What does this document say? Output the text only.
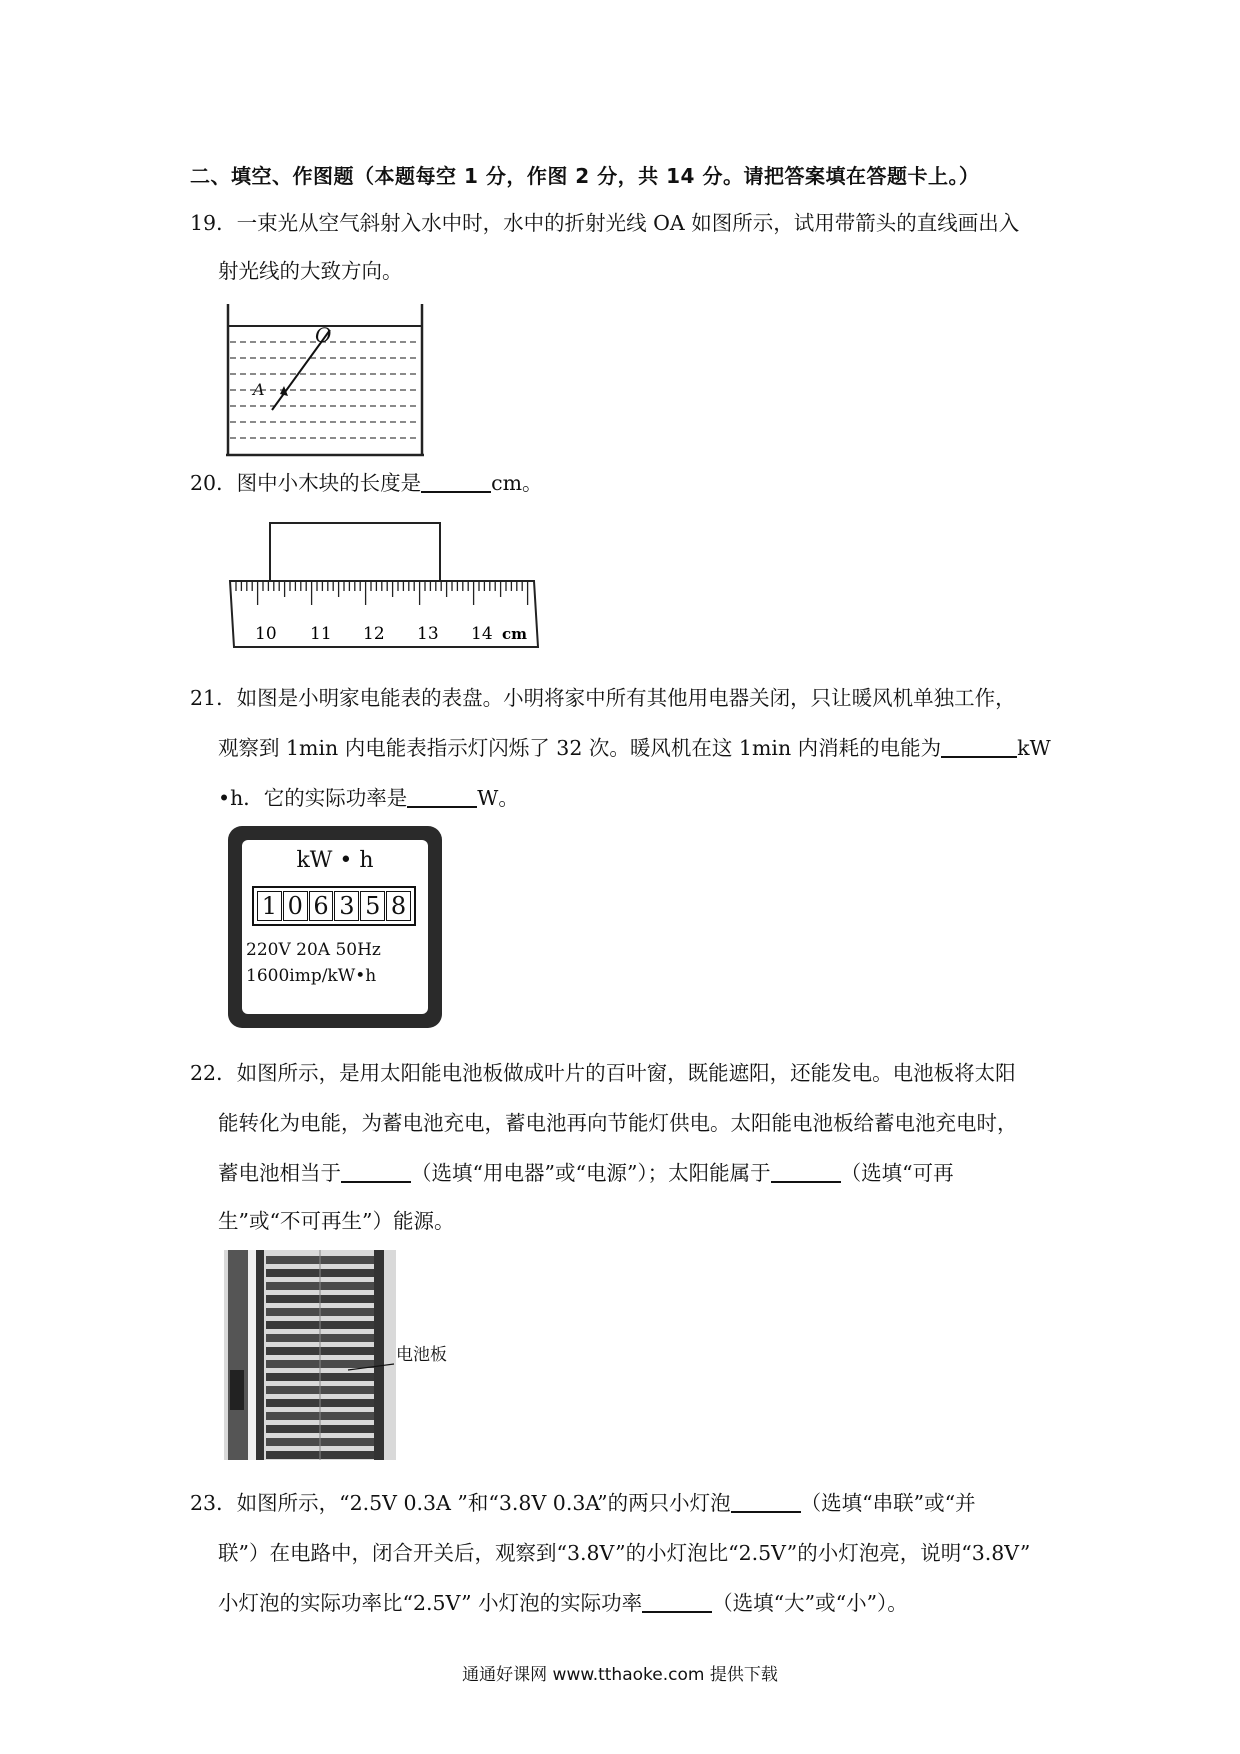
二、填空、作图题（本题每空 1 分，作图 2 分，共 14 分。请把答案填在答题卡上。）
19．一束光从空气斜射入水中时，水中的折射光线 OA 如图所示，试用带箭头的直线画出入
射光线的大致方向。
O
A
20．图中小木块的长度是	cm。
10 11 12 13 14 cm
21．如图是小明家电能表的表盘。小明将家中所有其他用电器关闭，只让暖风机单独工作，
观察到 1min 内电能表指示灯闪烁了 32 次。暖风机在这 1min 内消耗的电能为	kW
•h．它的实际功率是	W。
kW • h
1 0 6 3 5 8
220V 20A 50Hz
1600imp/kW•h
22．如图所示，是用太阳能电池板做成叶片的百叶窗，既能遮阳，还能发电。电池板将太阳
能转化为电能，为蓄电池充电，蓄电池再向节能灯供电。太阳能电池板给蓄电池充电时，
蓄电池相当于	（选填“用电器”或“电源”）；太阳能属于	（选填“可再
生”或“不可再生”）能源。
电池板
23．如图所示，“2.5V 0.3A ”和“3.8V 0.3A”的两只小灯泡	（选填“串联”或“并
联”）在电路中，闭合开关后，观察到“3.8V”的小灯泡比“2.5V”的小灯泡亮，说明“3.8V”
小灯泡的实际功率比“2.5V” 小灯泡的实际功率	（选填“大”或“小”）。
通通好课网 www.tthaoke.com 提供下载
